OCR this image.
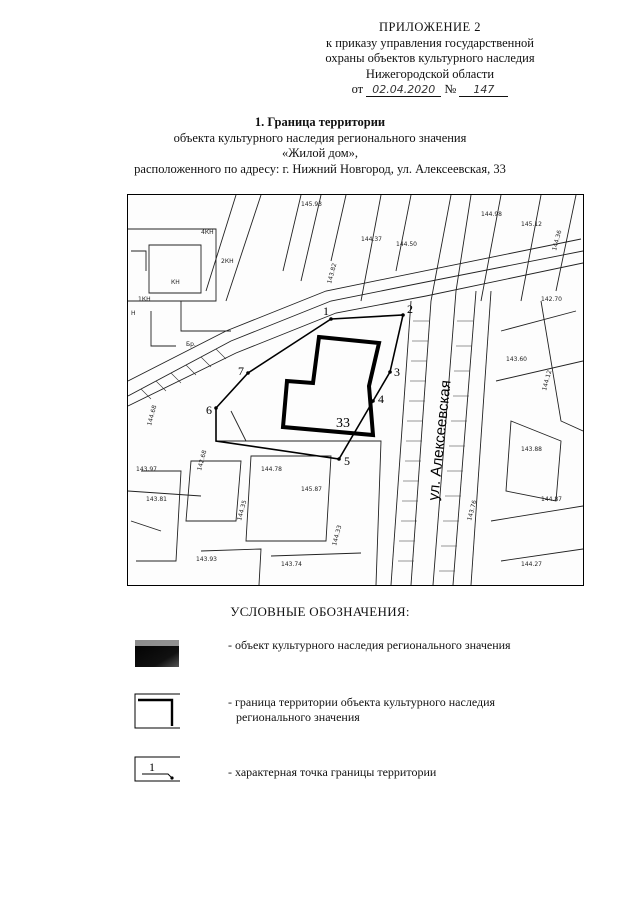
ПРИЛОЖЕНИЕ 2
к приказу управления государственной
охраны объектов культурного наследия
Нижегородской области
от 02.04.2020 № 147
1. Граница территории
объекта культурного наследия регионального значения
«Жилой дом»,
расположенного по адресу: г. Нижний Новгород, ул. Алексеевская, 33
1	2
3
4
5
6
7
2КН
1КН
4КН
КН
Н
Бр.
144.68
143.97
143.81
142.68	144.78
145.87
144.35
143.93
143.74
144.33
144.37
144.50
143.82
144.98
145.12
144.36
142.70
143.60
144.12
143.88
144.87
143.76
144.27
145.93
ул. Алексеевская
33
УСЛОВНЫЕ ОБОЗНАЧЕНИЯ:
- объект культурного наследия регионального значения
- граница территории объекта культурного наследия
регионального значения
1	- характерная точка границы территории
